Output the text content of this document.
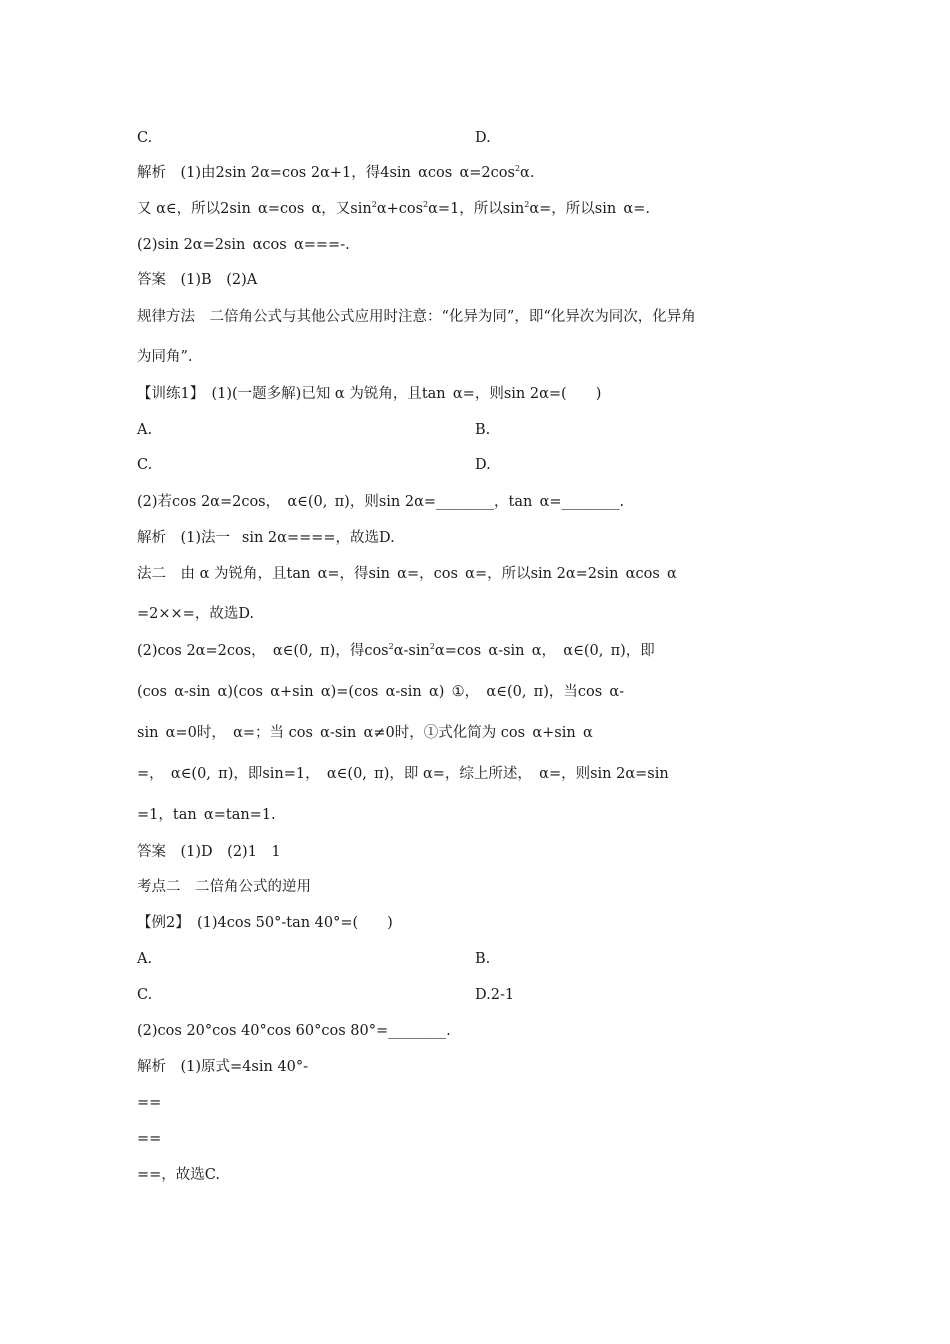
C.	D.
解析　(1)由2sin 2α=cos 2α+1，得4sin αcos $\alpha=2\cos^2\alpha$.
又 α∈，所以2sin α=cos α，又$\sin^2\alpha+\cos^2\alpha=1$，所以$\sin^2\alpha=$，所以sin α=.
(2)sin 2α=2sin αcos α===-.
答案　(1)B　(2)A
规律方法　二倍角公式与其他公式应用时注意：“化异为同”，即“化异次为同次，化异角
为同角”.
【训练1】 (1)(一题多解)已知 α 为锐角，且tan α=，则sin 2α=(　　)
A.	B.
C.	D.
(2)若cos 2α=2cos， α∈(0, π)，则sin 2α=________，tan α=________.
解析　(1)法一  sin 2α====，故选D.
法二　由 α 为锐角，且tan α=，得sin α=，cos α=，所以sin 2α=2sin αcos α
=2××=，故选D.
(2)cos 2α=2cos， α∈(0, π)，得$\cos^2\alpha-\sin^2\alpha=\cos$ α-sin α， α∈(0, π)，即
(cos α-sin α)(cos α+sin α)=(cos α-sin α) ①， α∈(0, π)，当cos α-
sin α=0时， α=；当 cos α-sin α≠0时，①式化简为 cos α+sin α
=， α∈(0, π)，即sin=1， α∈(0, π)，即 α=，综上所述， α=，则sin 2α=sin
=1，tan α=tan=1.
答案　(1)D　(2)1　1
考点二　二倍角公式的逆用
【例2】 (1)4cos 50°-tan 40°=(　　)
A.	B.
C.	D.2-1
(2)cos 20°cos 40°cos 60°cos 80°=________.
解析　(1)原式=4sin 40°-
==
==
==，故选C.
